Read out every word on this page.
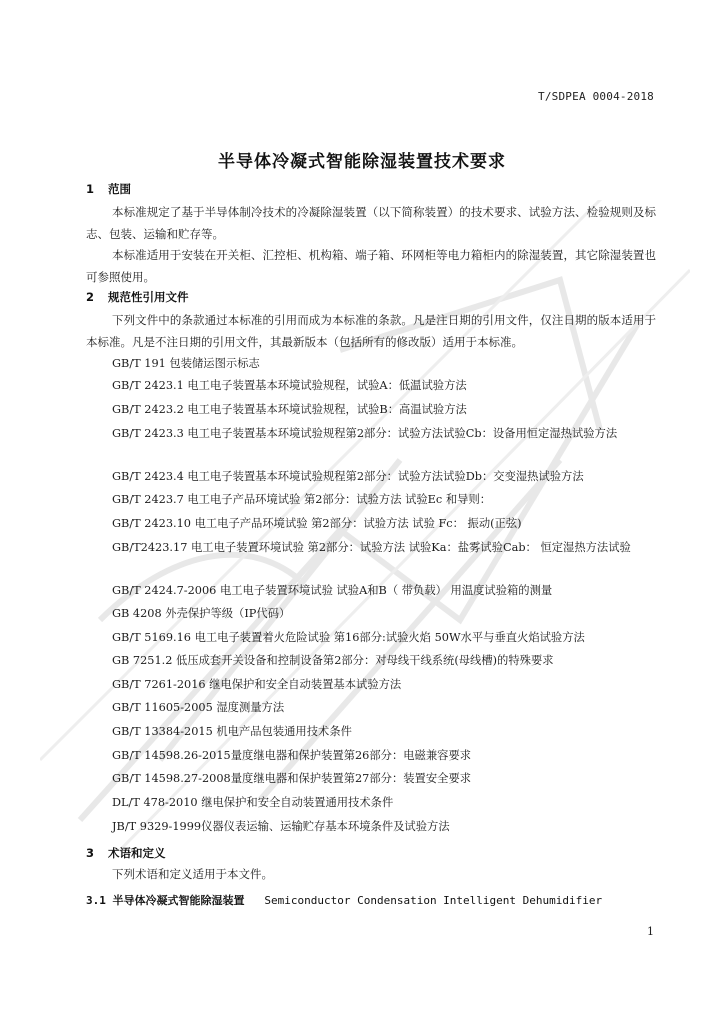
T/SDPEA 0004-2018
半导体冷凝式智能除湿装置技术要求
1 范围
本标准规定了基于半导体制冷技术的冷凝除湿装置（以下简称装置）的技术要求、试验方法、检验规则及标志、包装、运输和贮存等。
本标准适用于安装在开关柜、汇控柜、机构箱、端子箱、环网柜等电力箱柜内的除湿装置，其它除湿装置也可参照使用。
2 规范性引用文件
下列文件中的条款通过本标准的引用而成为本标准的条款。凡是注日期的引用文件，仅注日期的版本适用于本标准。凡是不注日期的引用文件，其最新版本（包括所有的修改版）适用于本标准。
GB/T 191 包装储运图示标志
GB/T 2423.1 电工电子装置基本环境试验规程，试验A：低温试验方法
GB/T 2423.2 电工电子装置基本环境试验规程，试验B：高温试验方法
GB/T 2423.3 电工电子装置基本环境试验规程第2部分：试验方法试验Cb：设备用恒定湿热试验方法
GB/T 2423.4 电工电子装置基本环境试验规程第2部分：试验方法试验Db：交变湿热试验方法
GB/T 2423.7 电工电子产品环境试验 第2部分：试验方法 试验Ec 和导则：
GB/T 2423.10 电工电子产品环境试验 第2部分：试验方法 试验 Fc： 振动(正弦)
GB/T2423.17 电工电子装置环境试验 第2部分：试验方法 试验Ka：盐雾试验Cab： 恒定湿热方法试验
GB/T 2424.7-2006 电工电子装置环境试验 试验A和B（ 带负载） 用温度试验箱的测量
GB 4208 外壳保护等级（IP代码）
GB/T 5169.16 电工电子装置着火危险试验 第16部分:试验火焰 50W水平与垂直火焰试验方法
GB 7251.2 低压成套开关设备和控制设备第2部分：对母线干线系统(母线槽)的特殊要求
GB/T 7261-2016 继电保护和安全自动装置基本试验方法
GB/T 11605-2005 湿度测量方法
GB/T 13384-2015 机电产品包装通用技术条件
GB/T 14598.26-2015量度继电器和保护装置第26部分：电磁兼容要求
GB/T 14598.27-2008量度继电器和保护装置第27部分：装置安全要求
DL/T 478-2010 继电保护和安全自动装置通用技术条件
JB/T 9329-1999仪器仪表运输、运输贮存基本环境条件及试验方法
3 术语和定义
下列术语和定义适用于本文件。
3.1 半导体冷凝式智能除湿装置 Semiconductor Condensation Intelligent Dehumidifier
1
